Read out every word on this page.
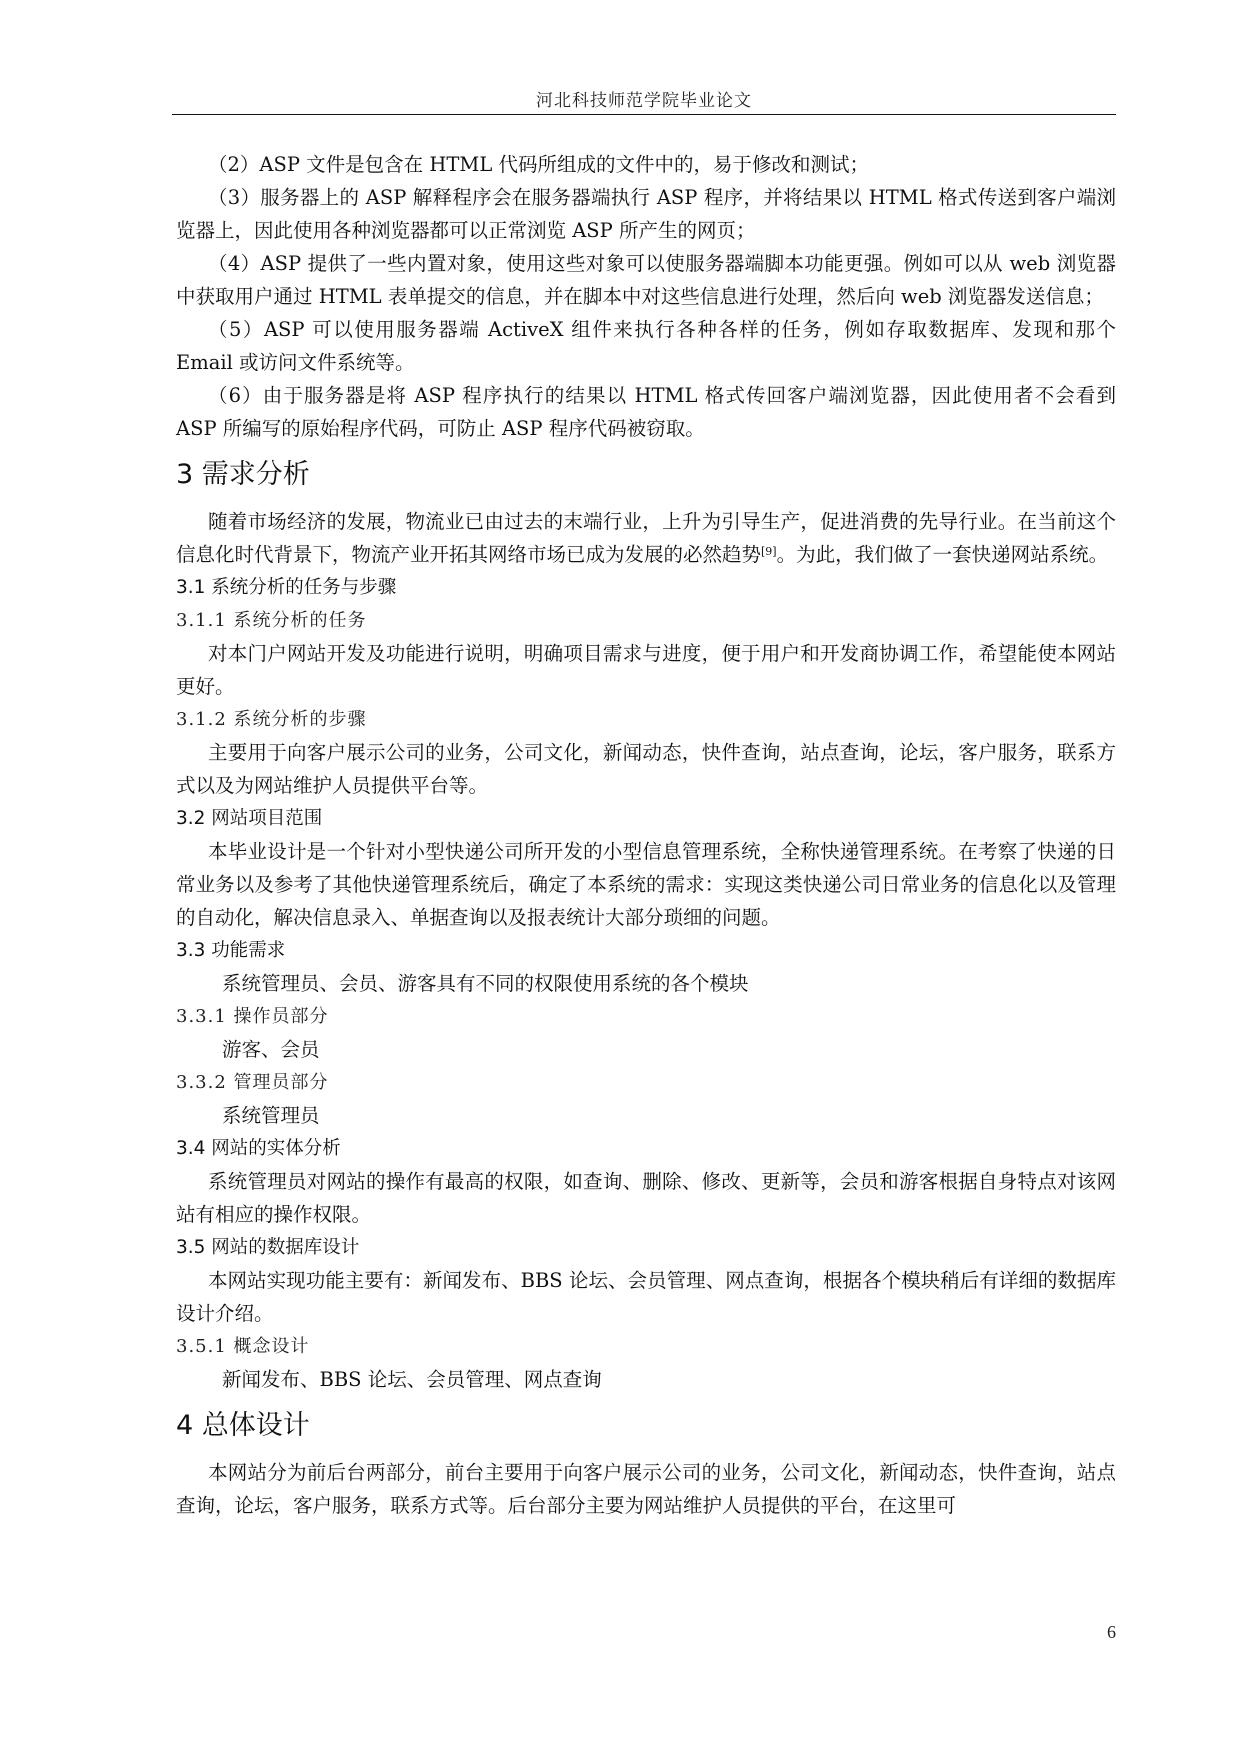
河北科技师范学院毕业论文

（2）ASP 文件是包含在 HTML 代码所组成的文件中的，易于修改和测试；

（3）服务器上的 ASP 解释程序会在服务器端执行 ASP 程序，并将结果以 HTML 格式传送到客户端浏览器上，因此使用各种浏览器都可以正常浏览 ASP 所产生的网页；

（4）ASP 提供了一些内置对象，使用这些对象可以使服务器端脚本功能更强。例如可以从 web 浏览器中获取用户通过 HTML 表单提交的信息，并在脚本中对这些信息进行处理，然后向 web 浏览器发送信息；

（5）ASP 可以使用服务器端 ActiveX 组件来执行各种各样的任务，例如存取数据库、发现和那个 Email 或访问文件系统等。

（6）由于服务器是将 ASP 程序执行的结果以 HTML 格式传回客户端浏览器，因此使用者不会看到 ASP 所编写的原始程序代码，可防止 ASP 程序代码被窃取。

3 需求分析

随着市场经济的发展，物流业已由过去的末端行业，上升为引导生产，促进消费的先导行业。在当前这个信息化时代背景下，物流产业开拓其网络市场已成为发展的必然趋势[9]。为此，我们做了一套快递网站系统。

3.1 系统分析的任务与步骤
3.1.1 系统分析的任务

对本门户网站开发及功能进行说明，明确项目需求与进度，便于用户和开发商协调工作，希望能使本网站更好。

3.1.2 系统分析的步骤

主要用于向客户展示公司的业务，公司文化，新闻动态，快件查询，站点查询，论坛，客户服务，联系方式以及为网站维护人员提供平台等。

3.2 网站项目范围

本毕业设计是一个针对小型快递公司所开发的小型信息管理系统，全称快递管理系统。在考察了快递的日常业务以及参考了其他快递管理系统后，确定了本系统的需求：实现这类快递公司日常业务的信息化以及管理的自动化，解决信息录入、单据查询以及报表统计大部分琐细的问题。

3.3 功能需求

系统管理员、会员、游客具有不同的权限使用系统的各个模块

3.3.1 操作员部分

游客、会员

3.3.2 管理员部分

系统管理员

3.4 网站的实体分析

系统管理员对网站的操作有最高的权限，如查询、删除、修改、更新等，会员和游客根据自身特点对该网站有相应的操作权限。

3.5 网站的数据库设计

本网站实现功能主要有：新闻发布、BBS 论坛、会员管理、网点查询，根据各个模块稍后有详细的数据库设计介绍。

3.5.1 概念设计

新闻发布、BBS 论坛、会员管理、网点查询

4 总体设计

本网站分为前后台两部分，前台主要用于向客户展示公司的业务，公司文化，新闻动态，快件查询，站点查询，论坛，客户服务，联系方式等。后台部分主要为网站维护人员提供的平台，在这里可

6
